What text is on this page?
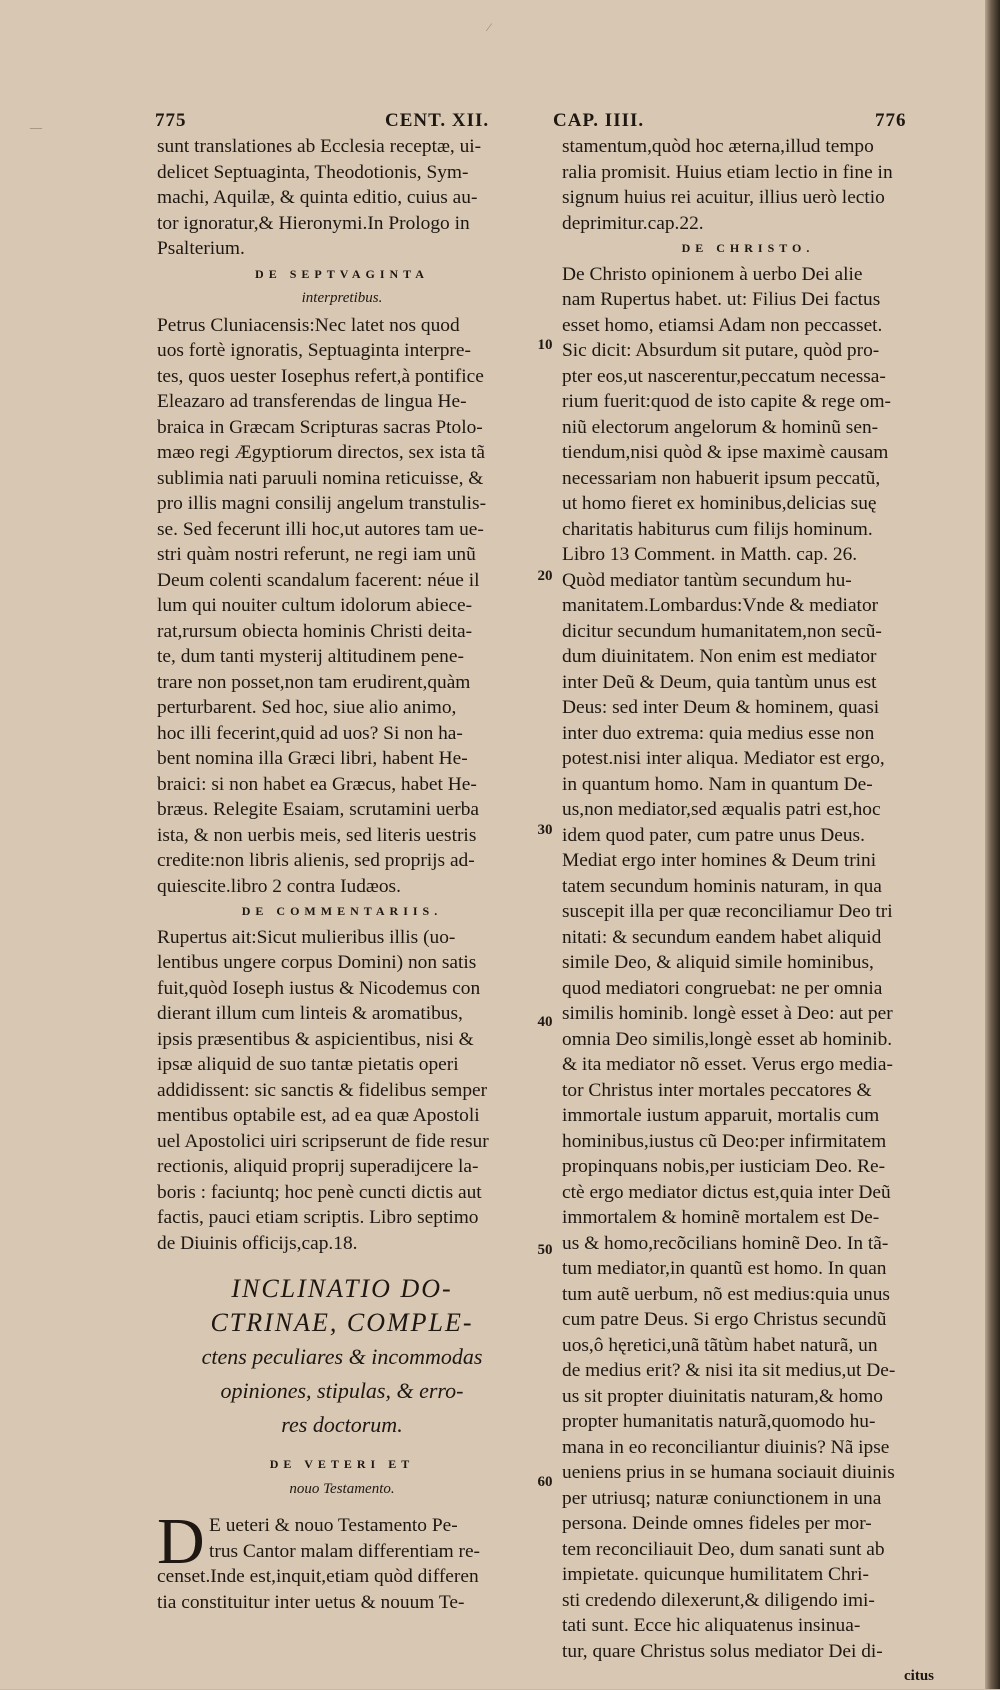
775	CENT. XII.	CAP. IIII.	776
sunt translationes ab Ecclesia receptæ, ui-
delicet Septuaginta, Theodotionis, Sym-
machi, Aquilæ, & quinta editio, cuius au-
tor ignoratur,& Hieronymi.In Prologo in
Psalterium.
DE SEPTVAGINTA
interpretibus.
Petrus Cluniacensis:Nec latet nos quod
uos fortè ignoratis, Septuaginta interpre-
tes, quos uester Iosephus refert,à pontifice
Eleazaro ad transferendas de lingua He-
braica in Græcam Scripturas sacras Ptolo-
mæo regi Ægyptiorum directos, sex ista tã
sublimia nati paruuli nomina reticuisse, &
pro illis magni consilij angelum transtulis-
se. Sed fecerunt illi hoc,ut autores tam ue-
stri quàm nostri referunt, ne regi iam unũ
Deum colenti scandalum facerent: néue il
lum qui nouiter cultum idolorum abiece-
rat,rursum obiecta hominis Christi deita-
te, dum tanti mysterij altitudinem pene-
trare non posset,non tam erudirent,quàm
perturbarent. Sed hoc, siue alio animo,
hoc illi fecerint,quid ad uos? Si non ha-
bent nomina illa Græci libri, habent He-
braici: si non habet ea Græcus, habet He-
bræus. Relegite Esaiam, scrutamini uerba
ista, & non uerbis meis, sed literis uestris
credite:non libris alienis, sed proprijs ad-
quiescite.libro 2 contra Iudæos.
DE COMMENTARIIS.
Rupertus ait:Sicut mulieribus illis (uo-
lentibus ungere corpus Domini) non satis
fuit,quòd Ioseph iustus & Nicodemus con
dierant illum cum linteis & aromatibus,
ipsis præsentibus & aspicientibus, nisi &
ipsæ aliquid de suo tantæ pietatis operi
addidissent: sic sanctis & fidelibus semper
mentibus optabile est, ad ea quæ Apostoli
uel Apostolici uiri scripserunt de fide resur
rectionis, aliquid proprij superadijcere la-
boris : faciuntq; hoc penè cuncti dictis aut
factis, pauci etiam scriptis. Libro septimo
de Diuinis officijs,cap.18.
INCLINATIO DO-
CTRINAE, COMPLE-
ctens peculiares & incommodas
opiniones, stipulas, & erro-
res doctorum.
DE VETERI ET
nouo Testamento.
D E ueteri & nouo Testamento Pe-
trus Cantor malam differentiam re-
censet.Inde est,inquit,etiam quòd differen
tia constituitur inter uetus & nouum Te-
10
20
30
40
50
60
stamentum,quòd hoc æterna,illud tempo
ralia promisit. Huius etiam lectio in fine in
signum huius rei acuitur, illius uerò lectio
deprimitur.cap.22.
DE CHRISTO.
De Christo opinionem à uerbo Dei alie
nam Rupertus habet. ut: Filius Dei factus
esset homo, etiamsi Adam non peccasset.
Sic dicit: Absurdum sit putare, quòd pro-
pter eos,ut nascerentur,peccatum necessa-
rium fuerit:quod de isto capite & rege om-
niũ electorum angelorum & hominũ sen-
tiendum,nisi quòd & ipse maximè causam
necessariam non habuerit ipsum peccatũ,
ut homo fieret ex hominibus,delicias suę
charitatis habiturus cum filijs hominum.
Libro 13 Comment. in Matth. cap. 26.
Quòd mediator tantùm secundum hu-
manitatem.Lombardus:Vnde & mediator
dicitur secundum humanitatem,non secũ-
dum diuinitatem. Non enim est mediator
inter Deũ & Deum, quia tantùm unus est
Deus: sed inter Deum & hominem, quasi
inter duo extrema: quia medius esse non
potest.nisi inter aliqua. Mediator est ergo,
in quantum homo. Nam in quantum De-
us,non mediator,sed æqualis patri est,hoc
idem quod pater, cum patre unus Deus.
Mediat ergo inter homines & Deum trini
tatem secundum hominis naturam, in qua
suscepit illa per quæ reconciliamur Deo tri
nitati: & secundum eandem habet aliquid
simile Deo, & aliquid simile hominibus,
quod mediatori congruebat: ne per omnia
similis hominib. longè esset à Deo: aut per
omnia Deo similis,longè esset ab hominib.
& ita mediator nõ esset. Verus ergo media-
tor Christus inter mortales peccatores &
immortale iustum apparuit, mortalis cum
hominibus,iustus cũ Deo:per infirmitatem
propinquans nobis,per iusticiam Deo. Re-
ctè ergo mediator dictus est,quia inter Deũ
immortalem & hominẽ mortalem est De-
us & homo,recõcilians hominẽ Deo. In tã-
tum mediator,in quantũ est homo. In quan
tum autẽ uerbum, nõ est medius:quia unus
cum patre Deus. Si ergo Christus secundũ
uos,ô hęretici,unã tãtùm habet naturã, un
de medius erit? & nisi ita sit medius,ut De-
us sit propter diuinitatis naturam,& homo
propter humanitatis naturã,quomodo hu-
mana in eo reconciliantur diuinis? Nã ipse
ueniens prius in se humana sociauit diuinis
per utriusq; naturæ coniunctionem in una
persona. Deinde omnes fideles per mor-
tem reconciliauit Deo, dum sanati sunt ab
impietate. quicunque humilitatem Chri-
sti credendo dilexerunt,& diligendo imi-
tati sunt. Ecce hic aliquatenus insinua-
tur, quare Christus solus mediator Dei di-
citus
⁄
—
